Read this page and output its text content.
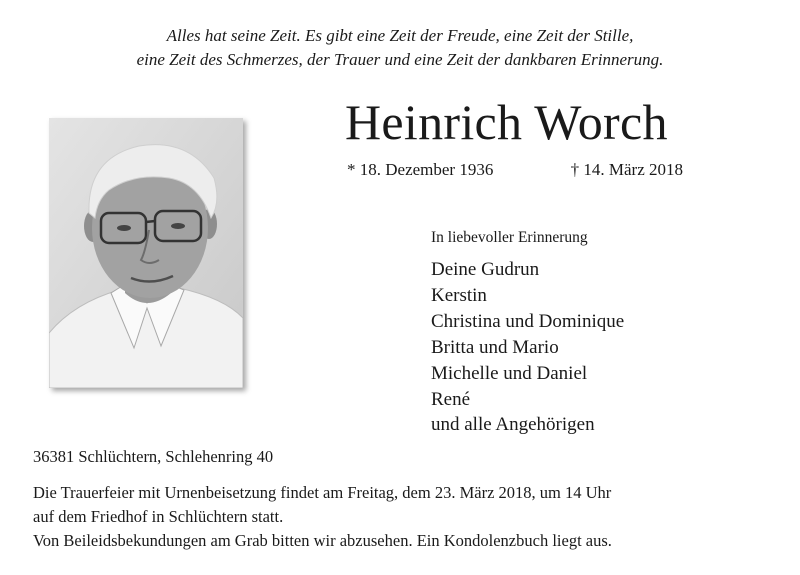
Alles hat seine Zeit. Es gibt eine Zeit der Freude, eine Zeit der Stille,
eine Zeit des Schmerzes, der Trauer und eine Zeit der dankbaren Erinnerung.
Heinrich Worch
* 18. Dezember 1936	† 14. März 2018
In liebevoller Erinnerung
Deine Gudrun
Kerstin
Christina und Dominique
Britta und Mario
Michelle und Daniel
René
und alle Angehörigen
36381 Schlüchtern, Schlehenring 40
Die Trauerfeier mit Urnenbeisetzung findet am Freitag, dem 23. März 2018, um 14 Uhr
auf dem Friedhof in Schlüchtern statt.
Von Beileidsbekundungen am Grab bitten wir abzusehen. Ein Kondolenzbuch liegt aus.
